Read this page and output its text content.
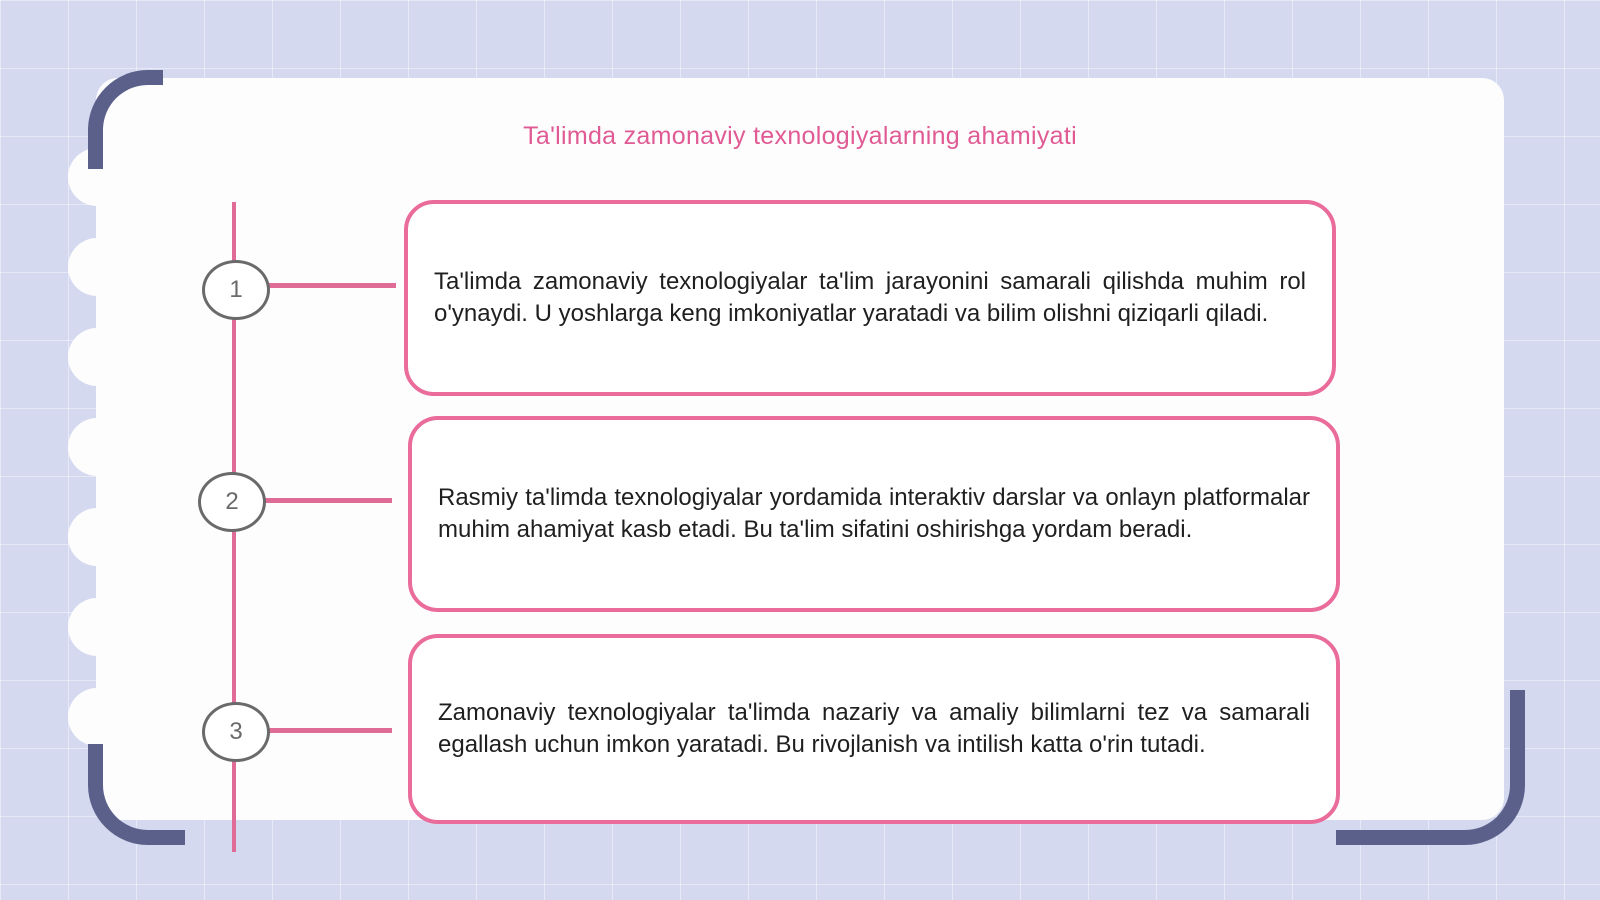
Ta'limda zamonaviy texnologiyalarning ahamiyati
1
2
3

Ta'limda zamonaviy texnologiyalar ta'lim jarayonini samarali qilishda muhim rol o'ynaydi. U yoshlarga keng imkoniyatlar yaratadi va bilim olishni qiziqarli qiladi.

Rasmiy ta'limda texnologiyalar yordamida interaktiv darslar va onlayn platformalar muhim ahamiyat kasb etadi. Bu ta'lim sifatini oshirishga yordam beradi.

Zamonaviy texnologiyalar ta'limda nazariy va amaliy bilimlarni tez va samarali egallash uchun imkon yaratadi. Bu rivojlanish va intilish katta o'rin tutadi.
